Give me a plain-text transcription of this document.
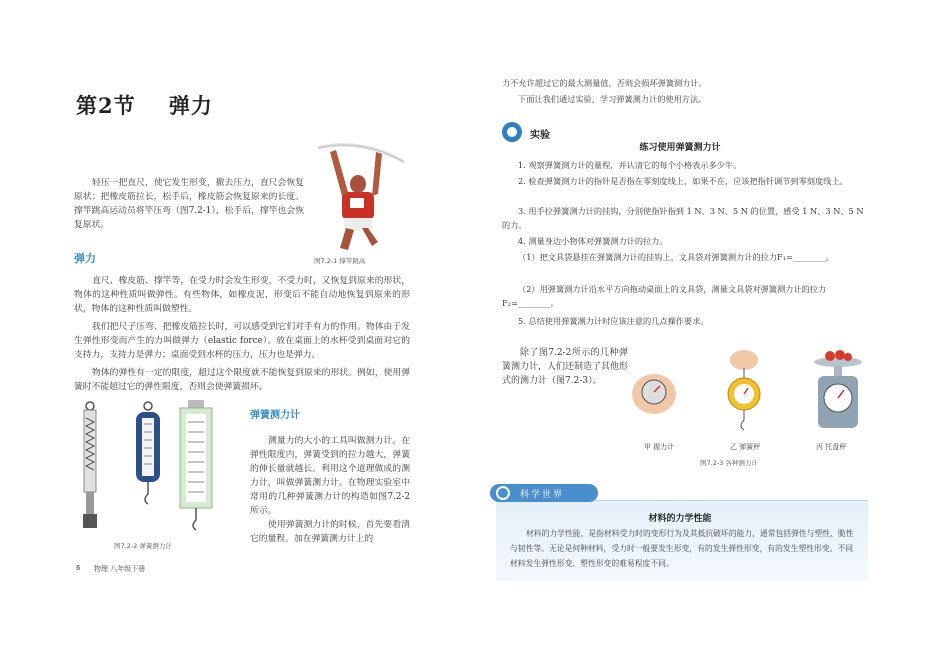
第2节    弹力

轻压一把直尺，使它发生形变，撤去压力，直尺会恢复原状；把橡皮筋拉长，松手后，橡皮筋会恢复原来的长度。撑竿跳高运动员将竿压弯（图7.2-1），松手后，撑竿也会恢复原状。

图7.2-1 撑竿跳高
弹力

直尺、橡皮筋、撑竿等，在受力时会发生形变，不受力时，又恢复到原来的形状，物体的这种性质叫做弹性。有些物体，如橡皮泥，形变后不能自动地恢复到原来的形状，物体的这种性质叫做塑性。

我们把尺子压弯、把橡皮筋拉长时，可以感受到它们对手有力的作用。物体由于发生弹性形变而产生的力叫做弹力（elastic force）。放在桌面上的水杯受到桌面对它的支持力，支持力是弹力；桌面受到水杯的压力，压力也是弹力。

物体的弹性有一定的限度，超过这个限度就不能恢复到原来的形状。例如，使用弹簧时不能超过它的弹性限度，否则会使弹簧损坏。

图7.2-2 弹簧测力计
弹簧测力计

测量力的大小的工具叫做测力计。在弹性限度内，弹簧受到的拉力越大，弹簧的伸长量就越长。利用这个道理做成的测力计，叫做弹簧测力计。在物理实验室中常用的几种弹簧测力计的构造如图7.2-2所示。

使用弹簧测力计的时候，首先要看清它的量程。加在弹簧测力计上的

6 物理 八年级下册

力不允许超过它的最大测量值，否则会损坏弹簧测力计。

下面让我们通过实验，学习弹簧测力计的使用方法。

实验
练习使用弹簧测力计

1. 观察弹簧测力计的量程，并认清它的每个小格表示多少牛。

2. 检查弹簧测力计的指针是否指在零刻度线上，如果不在，应该把指针调节到零刻度线上。

3. 用手拉弹簧测力计的挂钩，分别使指针指到 1 N、3 N、5 N 的位置，感受 1 N、3 N、5 N 的力。

4. 测量身边小物体对弹簧测力计的拉力。

（1）把文具袋悬挂在弹簧测力计的挂钩上，文具袋对弹簧测力计的拉力F₁=________。

（2）用弹簧测力计沿水平方向拖动桌面上的文具袋，测量文具袋对弹簧测力计的拉力F₂=________。

5. 总结使用弹簧测力计时应该注意的几点操作要求。

除了图7.2-2所示的几种弹簧测力计，人们还制造了其他形式的测力计（图7.2-3）。

甲 握力计	乙 弹簧秤	丙 托盘秤
图7.2-3 各种测力计
科学世界
材料的力学性能

材料的力学性能，是指材料受力时的变形行为及其抵抗破坏的能力，通常包括弹性与塑性、脆性与韧性等。无论是何种材料，受力时一般要发生形变，有的发生弹性形变，有的发生塑性形变。不同材料发生弹性形变、塑性形变的难易程度不同。
